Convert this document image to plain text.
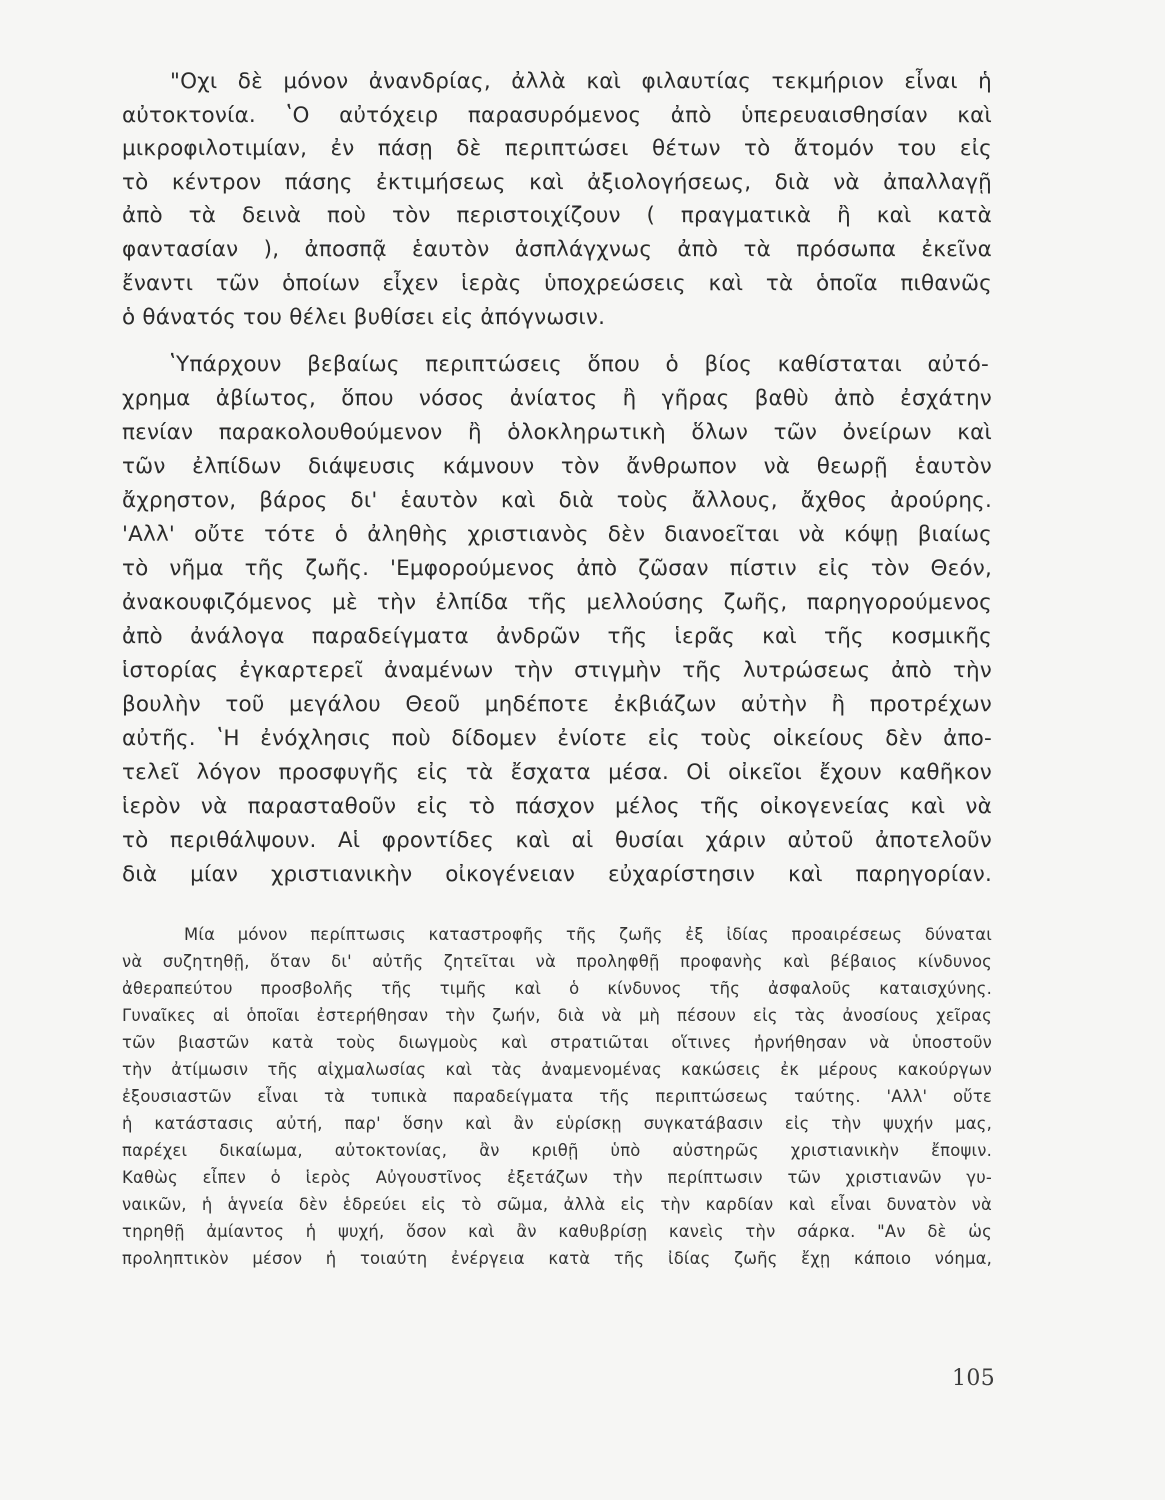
"Οχι δὲ μόνον ἀνανδρίας, ἀλλὰ καὶ φιλαυτίας τεκμήριον εἶναι ἡ
αὐτοκτονία. ʽΟ αὐτόχειρ παρασυρόμενος ἀπὸ ὑπερευαισθησίαν καὶ
μικροφιλοτιμίαν, ἐν πάσῃ δὲ περιπτώσει θέτων τὸ ἄτομόν του εἰς
τὸ κέντρον πάσης ἐκτιμήσεως καὶ ἀξιολογήσεως, διὰ νὰ ἀπαλλαγῇ
ἀπὸ τὰ δεινὰ ποὺ τὸν περιστοιχίζουν ( πραγματικὰ ἢ καὶ κατὰ
φαντασίαν ), ἀποσπᾷ ἑαυτὸν ἀσπλάγχνως ἀπὸ τὰ πρόσωπα ἐκεῖνα
ἔναντι τῶν ὁποίων εἶχεν ἱερὰς ὑποχρεώσεις καὶ τὰ ὁποῖα πιθανῶς
ὁ θάνατός του θέλει βυθίσει εἰς ἀπόγνωσιν.
ʽΥπάρχουν βεβαίως περιπτώσεις ὅπου ὁ βίος καθίσταται αὐτό-
χρημα ἀβίωτος, ὅπου νόσος ἀνίατος ἢ γῆρας βαθὺ ἀπὸ ἐσχάτην
πενίαν παρακολουθούμενον ἢ ὁλοκληρωτικὴ ὅλων τῶν ὀνείρων καὶ
τῶν ἐλπίδων διάψευσις κάμνουν τὸν ἄνθρωπον νὰ θεωρῇ ἑαυτὸν
ἄχρηστον, βάρος δι' ἑαυτὸν καὶ διὰ τοὺς ἄλλους, ἄχθος ἀρούρης.
'Αλλ' οὔτε τότε ὁ ἀληθὴς χριστιανὸς δὲν διανοεῖται νὰ κόψῃ βιαίως
τὸ νῆμα τῆς ζωῆς. 'Εμφορούμενος ἀπὸ ζῶσαν πίστιν εἰς τὸν Θεόν,
ἀνακουφιζόμενος μὲ τὴν ἐλπίδα τῆς μελλούσης ζωῆς, παρηγορούμενος
ἀπὸ ἀνάλογα παραδείγματα ἀνδρῶν τῆς ἱερᾶς καὶ τῆς κοσμικῆς
ἱστορίας ἐγκαρτερεῖ ἀναμένων τὴν στιγμὴν τῆς λυτρώσεως ἀπὸ τὴν
βουλὴν τοῦ μεγάλου Θεοῦ μηδέποτε ἐκβιάζων αὐτὴν ἢ προτρέχων
αὐτῆς. ʽΗ ἐνόχλησις ποὺ δίδομεν ἐνίοτε εἰς τοὺς οἰκείους δὲν ἀπο-
τελεῖ λόγον προσφυγῆς εἰς τὰ ἔσχατα μέσα. Οἱ οἰκεῖοι ἔχουν καθῆκον
ἱερὸν νὰ παρασταθοῦν εἰς τὸ πάσχον μέλος τῆς οἰκογενείας καὶ νὰ
τὸ περιθάλψουν. Αἱ φροντίδες καὶ αἱ θυσίαι χάριν αὐτοῦ ἀποτελοῦν
διὰ μίαν χριστιανικὴν οἰκογένειαν εὐχαρίστησιν καὶ παρηγορίαν.
Μία μόνον περίπτωσις καταστροφῆς τῆς ζωῆς ἐξ ἰδίας προαιρέσεως δύναται
νὰ συζητηθῇ, ὅταν δι' αὐτῆς ζητεῖται νὰ προληφθῇ προφανὴς καὶ βέβαιος κίνδυνος
ἀθεραπεύτου προσβολῆς τῆς τιμῆς καὶ ὁ κίνδυνος τῆς ἀσφαλοῦς καταισχύνης.
Γυναῖκες αἱ ὁποῖαι ἐστερήθησαν τὴν ζωήν, διὰ νὰ μὴ πέσουν εἰς τὰς ἀνοσίους χεῖρας
τῶν βιαστῶν κατὰ τοὺς διωγμοὺς καὶ στρατιῶται οἵτινες ἠρνήθησαν νὰ ὑποστοῦν
τὴν ἀτίμωσιν τῆς αἰχμαλωσίας καὶ τὰς ἀναμενομένας κακώσεις ἐκ μέρους κακούργων
ἐξουσιαστῶν εἶναι τὰ τυπικὰ παραδείγματα τῆς περιπτώσεως ταύτης. 'Αλλ' οὔτε
ἡ κατάστασις αὐτή, παρ' ὅσην καὶ ἂν εὑρίσκῃ συγκατάβασιν εἰς τὴν ψυχήν μας,
παρέχει δικαίωμα, αὐτοκτονίας, ἂν κριθῇ ὑπὸ αὐστηρῶς χριστιανικὴν ἔποψιν.
Καθὼς εἶπεν ὁ ἱερὸς Αὐγουστῖνος ἐξετάζων τὴν περίπτωσιν τῶν χριστιανῶν γυ-
ναικῶν, ἡ ἁγνεία δὲν ἑδρεύει εἰς τὸ σῶμα, ἀλλὰ εἰς τὴν καρδίαν καὶ εἶναι δυνατὸν νὰ
τηρηθῇ ἀμίαντος ἡ ψυχή, ὅσον καὶ ἂν καθυβρίσῃ κανεὶς τὴν σάρκα. "Αν δὲ ὡς
προληπτικὸν μέσον ἡ τοιαύτη ἐνέργεια κατὰ τῆς ἰδίας ζωῆς ἔχῃ κάποιο νόημα,
105
